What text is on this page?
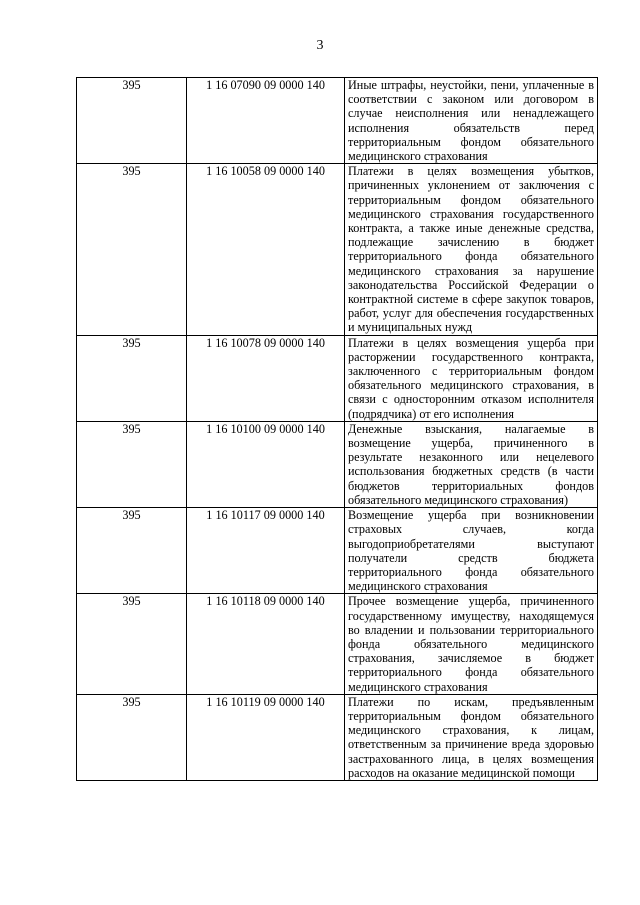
3
395	1 16 07090 09 0000 140	Иные штрафы, неустойки, пени, уплаченные в соответствии с законом или договором в случае неисполнения или ненадлежащего исполнения обязательств перед территориальным фондом обязательного медицинского страхования
395	1 16 10058 09 0000 140	Платежи в целях возмещения убытков, причиненных уклонением от заключения с территориальным фондом обязательного медицинского страхования государственного контракта, а также иные денежные средства, подлежащие зачислению в бюджет территориального фонда обязательного медицинского страхования за нарушение законодательства Российской Федерации о контрактной системе в сфере закупок товаров, работ, услуг для обеспечения государственных и муниципальных нужд
395	1 16 10078 09 0000 140	Платежи в целях возмещения ущерба при расторжении государственного контракта, заключенного с территориальным фондом обязательного медицинского страхования, в связи с односторонним отказом исполнителя (подрядчика) от его исполнения
395	1 16 10100 09 0000 140	Денежные взыскания, налагаемые в возмещение ущерба, причиненного в результате незаконного или нецелевого использования бюджетных средств (в части бюджетов территориальных фондов обязательного медицинского страхования)
395	1 16 10117 09 0000 140	Возмещение ущерба при возникновении страховых случаев, когда выгодоприобретателями выступают получатели средств бюджета территориального фонда обязательного медицинского страхования
395	1 16 10118 09 0000 140	Прочее возмещение ущерба, причиненного государственному имуществу, находящемуся во владении и пользовании территориального фонда обязательного медицинского страхования, зачисляемое в бюджет территориального фонда обязательного медицинского страхования
395	1 16 10119 09 0000 140	Платежи по искам, предъявленным территориальным фондом обязательного медицинского страхования, к лицам, ответственным за причинение вреда здоровью застрахованного лица, в целях возмещения расходов на оказание медицинской помощи
